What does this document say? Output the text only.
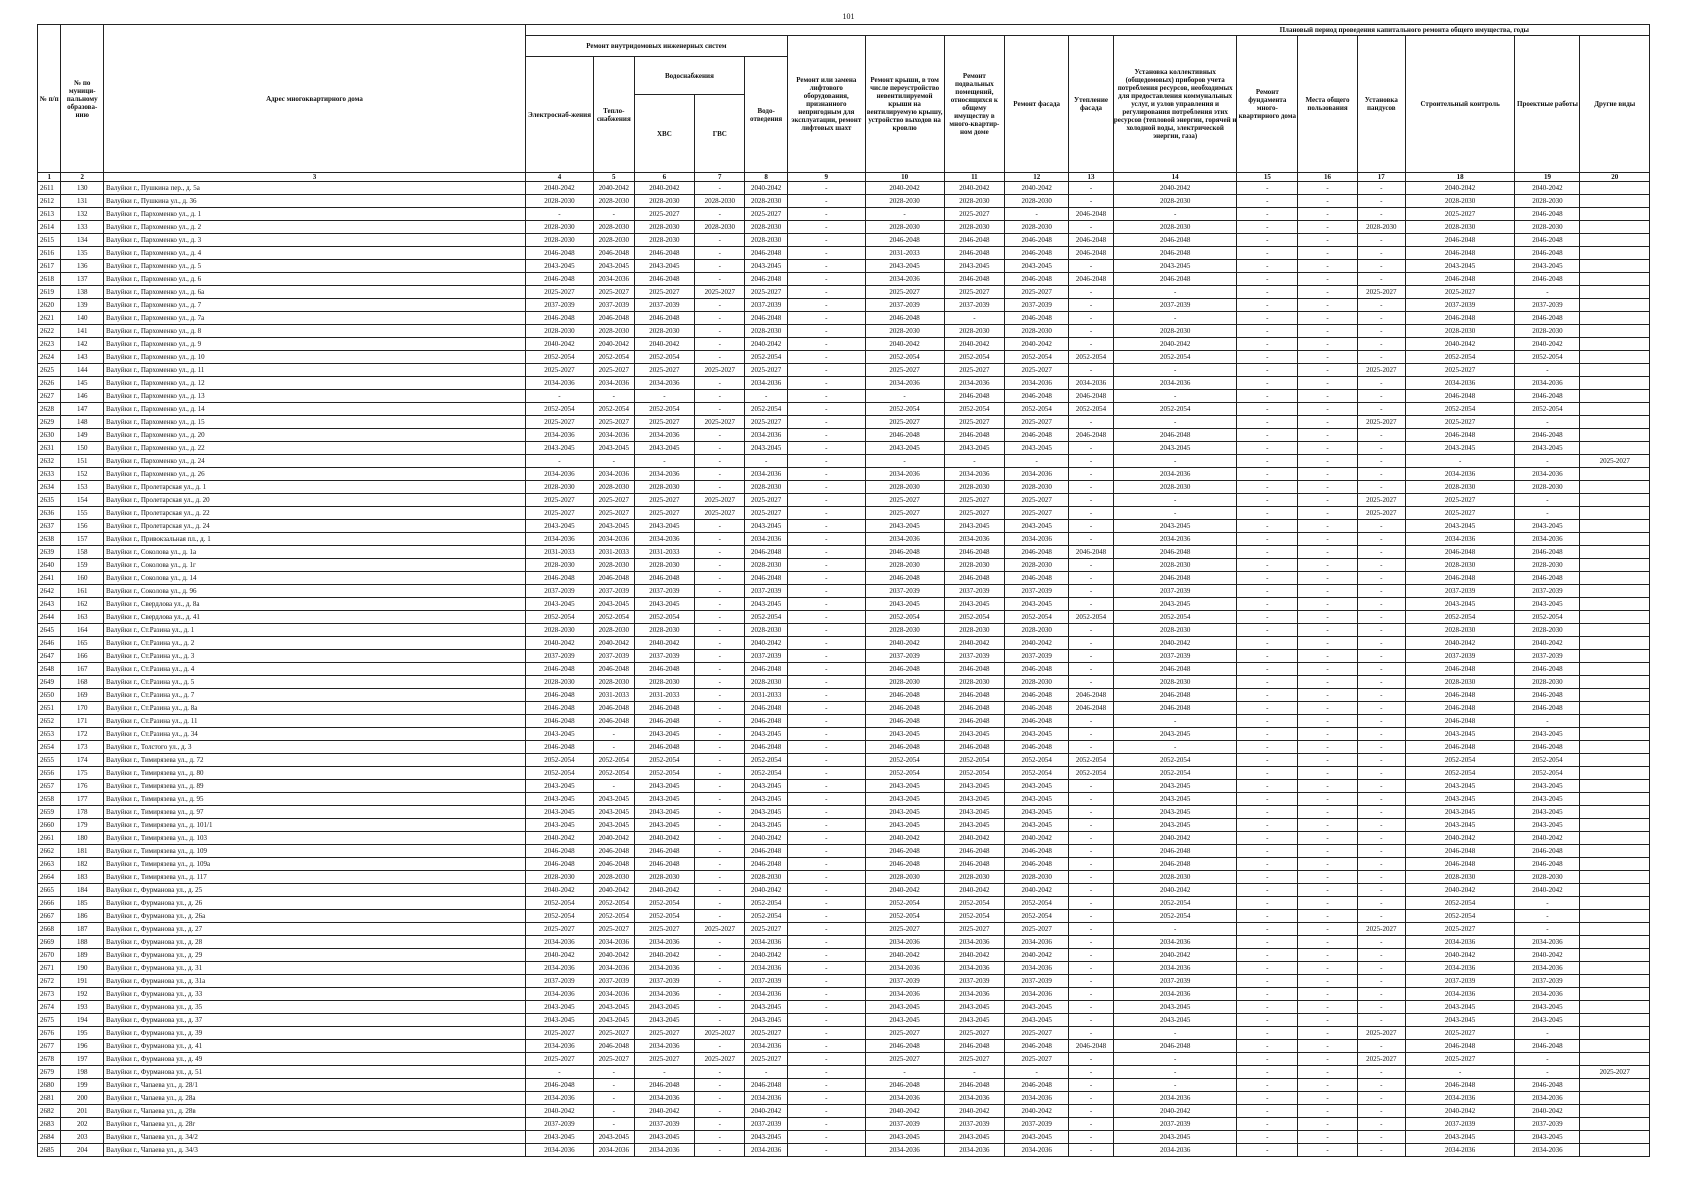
101
№ п/п	№ по муници-пальному образова-нию	Адрес многоквартирного дома	Плановый период проведения капитального ремонта общего имущества, годы																
			Ремонт внутридомовых инженерных систем					Ремонт или замена лифтового оборудования, признанного непригодным для эксплуатации, ремонт лифтовых шахт	Ремонт крыши, в том числе переустройство невентилируемой крыши на вентилируемую крышу, устройство выходов на кровлю	Ремонт подвальных помещений, относящихся к общему имуществу в много-квартир-ном доме	Ремонт фасада	Утепление фасада	Установка коллективных (общедомовых) приборов учета потребления ресурсов, необходимых для предоставления коммунальных услуг, и узлов управления и регулирования потребления этих ресурсов (тепловой энергии, горячей и холодной воды, электрической энергии, газа)	Ремонт фундамента много-квартирного дома	Места общего пользования	Установка пандусов	Строительный контроль	Проектные работы	Другие виды
			Электроснаб-жения	Тепло-снабжения	Водоснабжения		Водо-отведения												
					ХВС	ГВС													
1	2	3	4	5	6	7	8	9	10	11	12	13	14	15	16	17	18	19	20
2611	130	Валуйки г., Пушкина пер., д. 5а	2040-2042	2040-2042	2040-2042	-	2040-2042	-	2040-2042	2040-2042	2040-2042	-	2040-2042	-	-	-	2040-2042	2040-2042	
2612	131	Валуйки г., Пушкина ул., д. 36	2028-2030	2028-2030	2028-2030	2028-2030	2028-2030	-	2028-2030	2028-2030	2028-2030	-	2028-2030	-	-	-	2028-2030	2028-2030	
2613	132	Валуйки г., Пархоменко ул., д. 1	-	-	2025-2027	-	2025-2027	-	-	2025-2027	-	2046-2048	-	-	-	-	2025-2027	2046-2048	
2614	133	Валуйки г., Пархоменко ул., д. 2	2028-2030	2028-2030	2028-2030	2028-2030	2028-2030	-	2028-2030	2028-2030	2028-2030	-	2028-2030	-	-	2028-2030	2028-2030	2028-2030	
2615	134	Валуйки г., Пархоменко ул., д. 3	2028-2030	2028-2030	2028-2030	-	2028-2030	-	2046-2048	2046-2048	2046-2048	2046-2048	2046-2048	-	-	-	2046-2048	2046-2048	
2616	135	Валуйки г., Пархоменко ул., д. 4	2046-2048	2046-2048	2046-2048	-	2046-2048	-	2031-2033	2046-2048	2046-2048	2046-2048	2046-2048	-	-	-	2046-2048	2046-2048	
2617	136	Валуйки г., Пархоменко ул., д. 5	2043-2045	2043-2045	2043-2045	-	2043-2045	-	2043-2045	2043-2045	2043-2045	-	2043-2045	-	-	-	2043-2045	2043-2045	
2618	137	Валуйки г., Пархоменко ул., д. 6	2046-2048	2034-2036	2046-2048	-	2046-2048	-	2034-2036	2046-2048	2046-2048	2046-2048	2046-2048	-	-	-	2046-2048	2046-2048	
2619	138	Валуйки г., Пархоменко ул., д. 6а	2025-2027	2025-2027	2025-2027	2025-2027	2025-2027	-	2025-2027	2025-2027	2025-2027	-	-	-	-	2025-2027	2025-2027	-	
2620	139	Валуйки г., Пархоменко ул., д. 7	2037-2039	2037-2039	2037-2039	-	2037-2039	-	2037-2039	2037-2039	2037-2039	-	2037-2039	-	-	-	2037-2039	2037-2039	
2621	140	Валуйки г., Пархоменко ул., д. 7а	2046-2048	2046-2048	2046-2048	-	2046-2048	-	2046-2048	-	2046-2048	-	-	-	-	-	2046-2048	2046-2048	
2622	141	Валуйки г., Пархоменко ул., д. 8	2028-2030	2028-2030	2028-2030	-	2028-2030	-	2028-2030	2028-2030	2028-2030	-	2028-2030	-	-	-	2028-2030	2028-2030	
2623	142	Валуйки г., Пархоменко ул., д. 9	2040-2042	2040-2042	2040-2042	-	2040-2042	-	2040-2042	2040-2042	2040-2042	-	2040-2042	-	-	-	2040-2042	2040-2042	
2624	143	Валуйки г., Пархоменко ул., д. 10	2052-2054	2052-2054	2052-2054	-	2052-2054	-	2052-2054	2052-2054	2052-2054	2052-2054	2052-2054	-	-	-	2052-2054	2052-2054	
2625	144	Валуйки г., Пархоменко ул., д. 11	2025-2027	2025-2027	2025-2027	2025-2027	2025-2027	-	2025-2027	2025-2027	2025-2027	-	-	-	-	2025-2027	2025-2027	-	
2626	145	Валуйки г., Пархоменко ул., д. 12	2034-2036	2034-2036	2034-2036	-	2034-2036	-	2034-2036	2034-2036	2034-2036	2034-2036	2034-2036	-	-	-	2034-2036	2034-2036	
2627	146	Валуйки г., Пархоменко ул., д. 13	-	-	-	-	-	-	-	2046-2048	2046-2048	2046-2048	-	-	-	-	2046-2048	2046-2048	
2628	147	Валуйки г., Пархоменко ул., д. 14	2052-2054	2052-2054	2052-2054	-	2052-2054	-	2052-2054	2052-2054	2052-2054	2052-2054	2052-2054	-	-	-	2052-2054	2052-2054	
2629	148	Валуйки г., Пархоменко ул., д. 15	2025-2027	2025-2027	2025-2027	2025-2027	2025-2027	-	2025-2027	2025-2027	2025-2027	-	-	-	-	2025-2027	2025-2027	-	
2630	149	Валуйки г., Пархоменко ул., д. 20	2034-2036	2034-2036	2034-2036	-	2034-2036	-	2046-2048	2046-2048	2046-2048	2046-2048	2046-2048	-	-	-	2046-2048	2046-2048	
2631	150	Валуйки г., Пархоменко ул., д. 22	2043-2045	2043-2045	2043-2045	-	2043-2045	-	2043-2045	2043-2045	2043-2045	-	2043-2045	-	-	-	2043-2045	2043-2045	
2632	151	Валуйки г., Пархоменко ул., д. 24	-	-	-	-	-	-	-	-	-	-	-	-	-	-	-	-	2025-2027
2633	152	Валуйки г., Пархоменко ул., д. 26	2034-2036	2034-2036	2034-2036	-	2034-2036	-	2034-2036	2034-2036	2034-2036	-	2034-2036	-	-	-	2034-2036	2034-2036	
2634	153	Валуйки г., Пролетарская ул., д. 1	2028-2030	2028-2030	2028-2030	-	2028-2030	-	2028-2030	2028-2030	2028-2030	-	2028-2030	-	-	-	2028-2030	2028-2030	
2635	154	Валуйки г., Пролетарская ул., д. 20	2025-2027	2025-2027	2025-2027	2025-2027	2025-2027	-	2025-2027	2025-2027	2025-2027	-	-	-	-	2025-2027	2025-2027	-	
2636	155	Валуйки г., Пролетарская ул., д. 22	2025-2027	2025-2027	2025-2027	2025-2027	2025-2027	-	2025-2027	2025-2027	2025-2027	-	-	-	-	2025-2027	2025-2027	-	
2637	156	Валуйки г., Пролетарская ул., д. 24	2043-2045	2043-2045	2043-2045	-	2043-2045	-	2043-2045	2043-2045	2043-2045	-	2043-2045	-	-	-	2043-2045	2043-2045	
2638	157	Валуйки г., Привокзальная пл., д. 1	2034-2036	2034-2036	2034-2036	-	2034-2036	-	2034-2036	2034-2036	2034-2036	-	2034-2036	-	-	-	2034-2036	2034-2036	
2639	158	Валуйки г., Соколова ул., д. 1а	2031-2033	2031-2033	2031-2033	-	2046-2048	-	2046-2048	2046-2048	2046-2048	2046-2048	2046-2048	-	-	-	2046-2048	2046-2048	
2640	159	Валуйки г., Соколова ул., д. 1г	2028-2030	2028-2030	2028-2030	-	2028-2030	-	2028-2030	2028-2030	2028-2030	-	2028-2030	-	-	-	2028-2030	2028-2030	
2641	160	Валуйки г., Соколова ул., д. 14	2046-2048	2046-2048	2046-2048	-	2046-2048	-	2046-2048	2046-2048	2046-2048	-	2046-2048	-	-	-	2046-2048	2046-2048	
2642	161	Валуйки г., Соколова ул., д. 96	2037-2039	2037-2039	2037-2039	-	2037-2039	-	2037-2039	2037-2039	2037-2039	-	2037-2039	-	-	-	2037-2039	2037-2039	
2643	162	Валуйки г., Свердлова ул., д. 8а	2043-2045	2043-2045	2043-2045	-	2043-2045	-	2043-2045	2043-2045	2043-2045	-	2043-2045	-	-	-	2043-2045	2043-2045	
2644	163	Валуйки г., Свердлова ул., д. 41	2052-2054	2052-2054	2052-2054	-	2052-2054	-	2052-2054	2052-2054	2052-2054	2052-2054	2052-2054	-	-	-	2052-2054	2052-2054	
2645	164	Валуйки г., Ст.Разина ул., д. 1	2028-2030	2028-2030	2028-2030	-	2028-2030	-	2028-2030	2028-2030	2028-2030	-	2028-2030	-	-	-	2028-2030	2028-2030	
2646	165	Валуйки г., Ст.Разина ул., д. 2	2040-2042	2040-2042	2040-2042	-	2040-2042	-	2040-2042	2040-2042	2040-2042	-	2040-2042	-	-	-	2040-2042	2040-2042	
2647	166	Валуйки г., Ст.Разина ул., д. 3	2037-2039	2037-2039	2037-2039	-	2037-2039	-	2037-2039	2037-2039	2037-2039	-	2037-2039	-	-	-	2037-2039	2037-2039	
2648	167	Валуйки г., Ст.Разина ул., д. 4	2046-2048	2046-2048	2046-2048	-	2046-2048	-	2046-2048	2046-2048	2046-2048	-	2046-2048	-	-	-	2046-2048	2046-2048	
2649	168	Валуйки г., Ст.Разина ул., д. 5	2028-2030	2028-2030	2028-2030	-	2028-2030	-	2028-2030	2028-2030	2028-2030	-	2028-2030	-	-	-	2028-2030	2028-2030	
2650	169	Валуйки г., Ст.Разина ул., д. 7	2046-2048	2031-2033	2031-2033	-	2031-2033	-	2046-2048	2046-2048	2046-2048	2046-2048	2046-2048	-	-	-	2046-2048	2046-2048	
2651	170	Валуйки г., Ст.Разина ул., д. 8а	2046-2048	2046-2048	2046-2048	-	2046-2048	-	2046-2048	2046-2048	2046-2048	2046-2048	2046-2048	-	-	-	2046-2048	2046-2048	
2652	171	Валуйки г., Ст.Разина ул., д. 11	2046-2048	2046-2048	2046-2048	-	2046-2048	-	2046-2048	2046-2048	2046-2048	-	-	-	-	-	2046-2048	-	
2653	172	Валуйки г., Ст.Разина ул., д. 34	2043-2045	-	2043-2045	-	2043-2045	-	2043-2045	2043-2045	2043-2045	-	2043-2045	-	-	-	2043-2045	2043-2045	
2654	173	Валуйки г., Толстого ул., д. 3	2046-2048	-	2046-2048	-	2046-2048	-	2046-2048	2046-2048	2046-2048	-	-	-	-	-	2046-2048	2046-2048	
2655	174	Валуйки г., Тимирязева ул., д. 72	2052-2054	2052-2054	2052-2054	-	2052-2054	-	2052-2054	2052-2054	2052-2054	2052-2054	2052-2054	-	-	-	2052-2054	2052-2054	
2656	175	Валуйки г., Тимирязева ул., д. 80	2052-2054	2052-2054	2052-2054	-	2052-2054	-	2052-2054	2052-2054	2052-2054	2052-2054	2052-2054	-	-	-	2052-2054	2052-2054	
2657	176	Валуйки г., Тимирязева ул., д. 89	2043-2045	-	2043-2045	-	2043-2045	-	2043-2045	2043-2045	2043-2045	-	2043-2045	-	-	-	2043-2045	2043-2045	
2658	177	Валуйки г., Тимирязева ул., д. 95	2043-2045	2043-2045	2043-2045	-	2043-2045	-	2043-2045	2043-2045	2043-2045	-	2043-2045	-	-	-	2043-2045	2043-2045	
2659	178	Валуйки г., Тимирязева ул., д. 97	2043-2045	2043-2045	2043-2045	-	2043-2045	-	2043-2045	2043-2045	2043-2045	-	2043-2045	-	-	-	2043-2045	2043-2045	
2660	179	Валуйки г., Тимирязева ул., д. 101/1	2043-2045	2043-2045	2043-2045	-	2043-2045	-	2043-2045	2043-2045	2043-2045	-	2043-2045	-	-	-	2043-2045	2043-2045	
2661	180	Валуйки г., Тимирязева ул., д. 103	2040-2042	2040-2042	2040-2042	-	2040-2042	-	2040-2042	2040-2042	2040-2042	-	2040-2042	-	-	-	2040-2042	2040-2042	
2662	181	Валуйки г., Тимирязева ул., д. 109	2046-2048	2046-2048	2046-2048	-	2046-2048	-	2046-2048	2046-2048	2046-2048	-	2046-2048	-	-	-	2046-2048	2046-2048	
2663	182	Валуйки г., Тимирязева ул., д. 109а	2046-2048	2046-2048	2046-2048	-	2046-2048	-	2046-2048	2046-2048	2046-2048	-	2046-2048	-	-	-	2046-2048	2046-2048	
2664	183	Валуйки г., Тимирязева ул., д. 117	2028-2030	2028-2030	2028-2030	-	2028-2030	-	2028-2030	2028-2030	2028-2030	-	2028-2030	-	-	-	2028-2030	2028-2030	
2665	184	Валуйки г., Фурманова ул., д. 25	2040-2042	2040-2042	2040-2042	-	2040-2042	-	2040-2042	2040-2042	2040-2042	-	2040-2042	-	-	-	2040-2042	2040-2042	
2666	185	Валуйки г., Фурманова ул., д. 26	2052-2054	2052-2054	2052-2054	-	2052-2054	-	2052-2054	2052-2054	2052-2054	-	2052-2054	-	-	-	2052-2054	-	
2667	186	Валуйки г., Фурманова ул., д. 26а	2052-2054	2052-2054	2052-2054	-	2052-2054	-	2052-2054	2052-2054	2052-2054	-	2052-2054	-	-	-	2052-2054	-	
2668	187	Валуйки г., Фурманова ул., д. 27	2025-2027	2025-2027	2025-2027	2025-2027	2025-2027	-	2025-2027	2025-2027	2025-2027	-	-	-	-	2025-2027	2025-2027	-	
2669	188	Валуйки г., Фурманова ул., д. 28	2034-2036	2034-2036	2034-2036	-	2034-2036	-	2034-2036	2034-2036	2034-2036	-	2034-2036	-	-	-	2034-2036	2034-2036	
2670	189	Валуйки г., Фурманова ул., д. 29	2040-2042	2040-2042	2040-2042	-	2040-2042	-	2040-2042	2040-2042	2040-2042	-	2040-2042	-	-	-	2040-2042	2040-2042	
2671	190	Валуйки г., Фурманова ул., д. 31	2034-2036	2034-2036	2034-2036	-	2034-2036	-	2034-2036	2034-2036	2034-2036	-	2034-2036	-	-	-	2034-2036	2034-2036	
2672	191	Валуйки г., Фурманова ул., д. 31а	2037-2039	2037-2039	2037-2039	-	2037-2039	-	2037-2039	2037-2039	2037-2039	-	2037-2039	-	-	-	2037-2039	2037-2039	
2673	192	Валуйки г., Фурманова ул., д. 33	2034-2036	2034-2036	2034-2036	-	2034-2036	-	2034-2036	2034-2036	2034-2036	-	2034-2036	-	-	-	2034-2036	2034-2036	
2674	193	Валуйки г., Фурманова ул., д. 35	2043-2045	2043-2045	2043-2045	-	2043-2045	-	2043-2045	2043-2045	2043-2045	-	2043-2045	-	-	-	2043-2045	2043-2045	
2675	194	Валуйки г., Фурманова ул., д. 37	2043-2045	2043-2045	2043-2045	-	2043-2045	-	2043-2045	2043-2045	2043-2045	-	2043-2045	-	-	-	2043-2045	2043-2045	
2676	195	Валуйки г., Фурманова ул., д. 39	2025-2027	2025-2027	2025-2027	2025-2027	2025-2027	-	2025-2027	2025-2027	2025-2027	-	-	-	-	2025-2027	2025-2027	-	
2677	196	Валуйки г., Фурманова ул., д. 41	2034-2036	2046-2048	2034-2036	-	2034-2036	-	2046-2048	2046-2048	2046-2048	2046-2048	2046-2048	-	-	-	2046-2048	2046-2048	
2678	197	Валуйки г., Фурманова ул., д. 49	2025-2027	2025-2027	2025-2027	2025-2027	2025-2027	-	2025-2027	2025-2027	2025-2027	-	-	-	-	2025-2027	2025-2027	-	
2679	198	Валуйки г., Фурманова ул., д. 51	-	-	-	-	-	-	-	-	-	-	-	-	-	-	-	-	2025-2027
2680	199	Валуйки г., Чапаева ул., д. 28/1	2046-2048	-	2046-2048	-	2046-2048	-	2046-2048	2046-2048	2046-2048	-	-	-	-	-	2046-2048	2046-2048	
2681	200	Валуйки г., Чапаева ул., д. 28а	2034-2036	-	2034-2036	-	2034-2036	-	2034-2036	2034-2036	2034-2036	-	2034-2036	-	-	-	2034-2036	2034-2036	
2682	201	Валуйки г., Чапаева ул., д. 28в	2040-2042	-	2040-2042	-	2040-2042	-	2040-2042	2040-2042	2040-2042	-	2040-2042	-	-	-	2040-2042	2040-2042	
2683	202	Валуйки г., Чапаева ул., д. 28г	2037-2039	-	2037-2039	-	2037-2039	-	2037-2039	2037-2039	2037-2039	-	2037-2039	-	-	-	2037-2039	2037-2039	
2684	203	Валуйки г., Чапаева ул., д. 34/2	2043-2045	2043-2045	2043-2045	-	2043-2045	-	2043-2045	2043-2045	2043-2045	-	2043-2045	-	-	-	2043-2045	2043-2045	
2685	204	Валуйки г., Чапаева ул., д. 34/3	2034-2036	2034-2036	2034-2036	-	2034-2036	-	2034-2036	2034-2036	2034-2036	-	2034-2036	-	-	-	2034-2036	2034-2036	
